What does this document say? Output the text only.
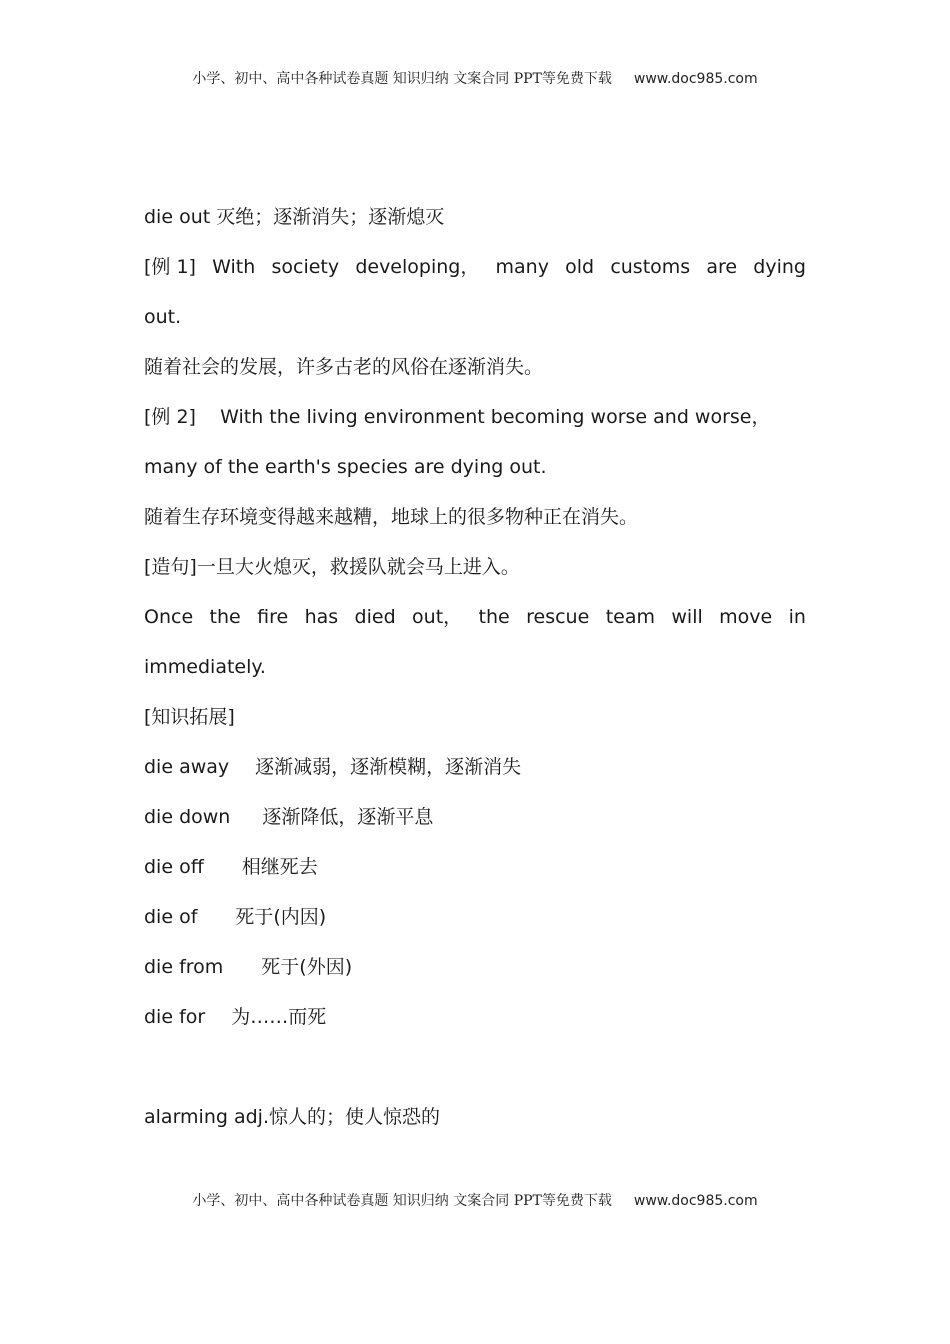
小学、初中、高中各种试卷真题 知识归纳 文案合同 PPT等免费下载 www.doc985.com
die out 灭绝；逐渐消失；逐渐熄灭
[例 1] With society developing， many old customs are dying
out.
随着社会的发展，许多古老的风俗在逐渐消失。
[例 2]    With the living environment becoming worse and worse，
many of the earth's species are dying out.
随着生存环境变得越来越糟，地球上的很多物种正在消失。
[造句]一旦大火熄灭，救援队就会马上进入。
Once the fire has died out， the rescue team will move in
immediately.
[知识拓展]
die away 逐渐减弱，逐渐模糊，逐渐消失
die down 逐渐降低，逐渐平息
die off 相继死去
die of 死于(内因)
die from 死于(外因)
die for 为……而死
alarming adj.惊人的；使人惊恐的
小学、初中、高中各种试卷真题 知识归纳 文案合同 PPT等免费下载 www.doc985.com
